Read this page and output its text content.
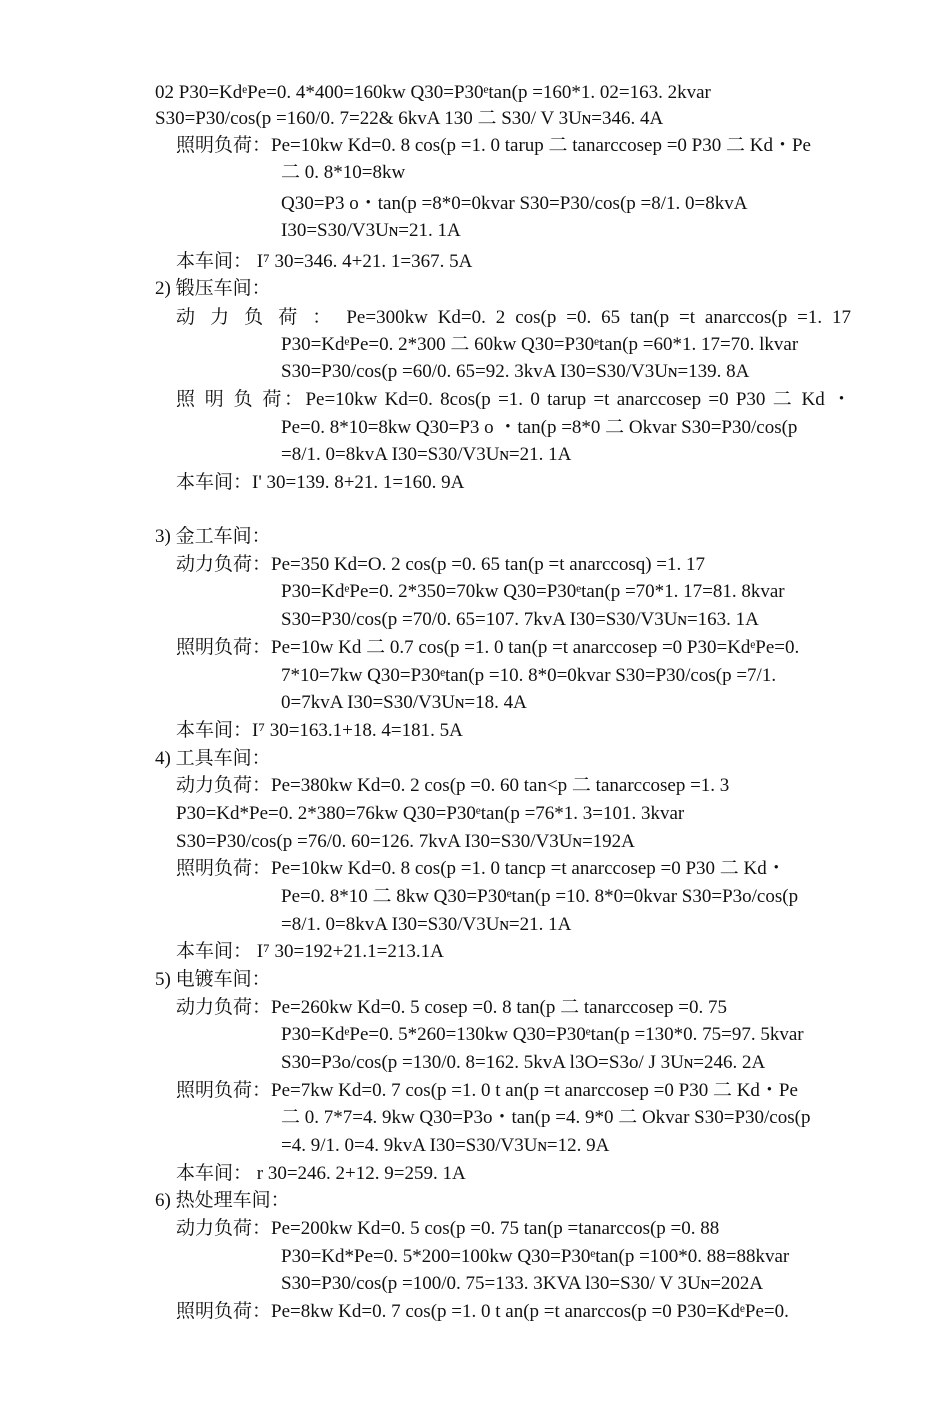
02 P30=KdᵉPe=0. 4*400=160kw Q30=P30ᵉtan(p =160*1. 02=163. 2kvar
S30=P30/cos(p =160/0. 7=22& 6kvA 130 二 S30/ V 3Uɴ=346. 4A
照明负荷：Pe=10kw Kd=0. 8 cos(p =1. 0 tarup 二 tanarccosep =0 P30 二 Kd・Pe
二 0. 8*10=8kw
Q30=P3 o・tan(p =8*0=0kvar S30=P30/cos(p =8/1. 0=8kvA
I30=S30/V3Uɴ=21. 1A
本车间： I⁷ 30=346. 4+21. 1=367. 5A
2) 锻压车间：
动 力 负 荷 ： Pe=300kw Kd=0. 2 cos(p =0. 65 tan(p =t anarccos(p =1. 17
P30=KdᵉPe=0. 2*300 二 60kw Q30=P30ᵉtan(p =60*1. 17=70. lkvar
S30=P30/cos(p =60/0. 65=92. 3kvA I30=S30/V3Uɴ=139. 8A
照 明 负 荷：Pe=10kw Kd=0. 8cos(p =1. 0 tarup =t anarccosep =0 P30 二 Kd ・
Pe=0. 8*10=8kw Q30=P3 o ・tan(p =8*0 二 Okvar S30=P30/cos(p
=8/1. 0=8kvA I30=S30/V3Uɴ=21. 1A
本车间：I' 30=139. 8+21. 1=160. 9A
3) 金工车间：
动力负荷：Pe=350 Kd=O. 2 cos(p =0. 65 tan(p =t anarccosq) =1. 17
P30=KdᵉPe=0. 2*350=70kw Q30=P30ᵉtan(p =70*1. 17=81. 8kvar
S30=P30/cos(p =70/0. 65=107. 7kvA I30=S30/V3Uɴ=163. 1A
照明负荷：Pe=10w Kd 二 0.7 cos(p =1. 0 tan(p =t anarccosep =0 P30=KdᵉPe=0.
7*10=7kw Q30=P30ᵉtan(p =10. 8*0=0kvar S30=P30/cos(p =7/1.
0=7kvA I30=S30/V3Uɴ=18. 4A
本车间：I⁷ 30=163.1+18. 4=181. 5A
4) 工具车间：
动力负荷：Pe=380kw Kd=0. 2 cos(p =0. 60 tan<p 二 tanarccosep =1. 3
P30=Kd*Pe=0. 2*380=76kw Q30=P30ᵉtan(p =76*1. 3=101. 3kvar
S30=P30/cos(p =76/0. 60=126. 7kvA I30=S30/V3Uɴ=192A
照明负荷：Pe=10kw Kd=0. 8 cos(p =1. 0 tancp =t anarccosep =0 P30 二 Kd・
Pe=0. 8*10 二 8kw Q30=P30ᵉtan(p =10. 8*0=0kvar S30=P3o/cos(p
=8/1. 0=8kvA I30=S30/V3Uɴ=21. 1A
本车间： I⁷ 30=192+21.1=213.1A
5) 电镀车间：
动力负荷：Pe=260kw Kd=0. 5 cosep =0. 8 tan(p 二 tanarccosep =0. 75
P30=KdᵉPe=0. 5*260=130kw Q30=P30ᵉtan(p =130*0. 75=97. 5kvar
S30=P3o/cos(p =130/0. 8=162. 5kvA l3O=S3o/ J 3Uɴ=246. 2A
照明负荷：Pe=7kw Kd=0. 7 cos(p =1. 0 t an(p =t anarccosep =0 P30 二 Kd・Pe
二 0. 7*7=4. 9kw Q30=P3o・tan(p =4. 9*0 二 Okvar S30=P30/cos(p
=4. 9/1. 0=4. 9kvA I30=S30/V3Uɴ=12. 9A
本车间： r 30=246. 2+12. 9=259. 1A
6) 热处理车间：
动力负荷：Pe=200kw Kd=0. 5 cos(p =0. 75 tan(p =tanarccos(p =0. 88
P30=Kd*Pe=0. 5*200=100kw Q30=P30ᵉtan(p =100*0. 88=88kvar
S30=P30/cos(p =100/0. 75=133. 3KVA l30=S30/ V 3Uɴ=202A
照明负荷：Pe=8kw Kd=0. 7 cos(p =1. 0 t an(p =t anarccos(p =0 P30=KdᵉPe=0.
